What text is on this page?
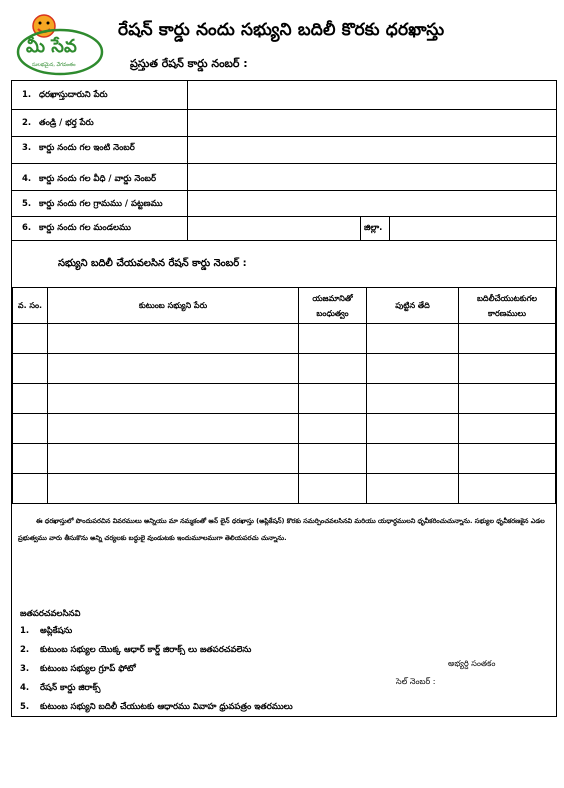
మీ సేవ
సులభమైన, వేగవంతం
రేషన్ కార్డు నందు సభ్యుని బదిలీ కొరకు ధరఖాస్తు
ప్రస్తుత రేషన్ కార్డు నంబర్ :
1. ధరఖాస్తుదారుని పేరు
2. తండ్రి / భర్త పేరు
3. కార్డు నందు గల ఇంటి నెంబర్
4. కార్డు నందు గల వీధి / వార్డు నెంబర్
5. కార్డు నందు గల గ్రామము / పట్టణము
6. కార్డు నందు గల మండలము	జిల్లా.
సభ్యుని బదిలీ చేయవలసిన రేషన్ కార్డు నెంబర్ :
వ. సం.	కుటుంబ సభ్యుని పేరు	యజమానితో బంధుత్వం	పుట్టిన తేది	బదిలీచేయుటకుగల కారణములు

ఈ ధరఖాస్తులో పొందుపరచిన వివరములు అన్నియు మా నమ్మకంతో ఆన్ లైన్ ధరఖాస్తు (అప్లికేషన్) కొరకు సమర్పించవలసినవి మరియు యధార్ధములని ధృవీకరించుచున్నాను. సభ్యుల ధృవీకరణకైన ఎడల ప్రభుత్వము వారు తీసుకొను అన్ని చర్యలకు బద్ధులై వుండుటకు ఇందుమూలముగా తెలియపరచు చున్నాను.
జతపరచవలసినవి
1.	అప్లికేషను
2.	కుటుంబ సభ్యుల యొక్క ఆధార్ కార్డ్ జిరాక్స్ లు జతపరచవలెను
3.	కుటుంబ సభ్యుల గ్రూప్ ఫోటో
4.	రేషన్ కార్డు జిరాక్స్
5.	కుటుంబ సభ్యుని బదిలీ చేయుటకు ఆధారము వివాహ ధ్రువపత్రం ఇతరములు
అభ్యర్ది సంతకం
సెల్ నెంబర్ :
